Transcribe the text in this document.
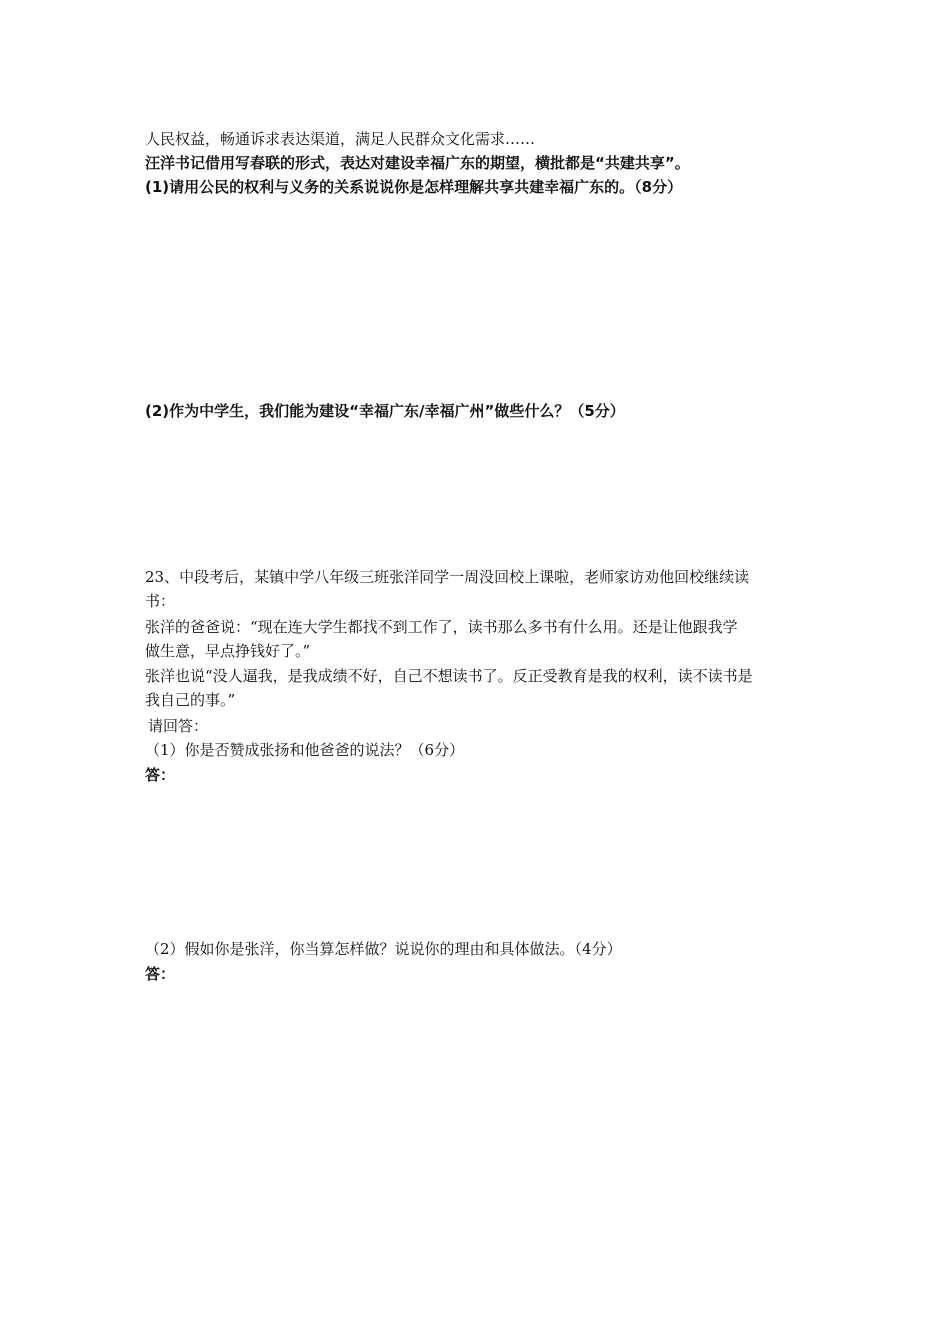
人民权益，畅通诉求表达渠道，满足人民群众文化需求……
汪洋书记借用写春联的形式，表达对建设幸福广东的期望，横批都是“共建共享”。
(1)请用公民的权利与义务的关系说说你是怎样理解共享共建幸福广东的。（8分）
(2)作为中学生，我们能为建设“幸福广东/幸福广州”做些什么？（5分）
23、中段考后，某镇中学八年级三班张洋同学一周没回校上课啦，老师家访劝他回校继续读
书：
张洋的爸爸说：“现在连大学生都找不到工作了，读书那么多书有什么用。还是让他跟我学
做生意，早点挣钱好了。”
张洋也说“没人逼我，是我成绩不好，自己不想读书了。反正受教育是我的权利，读不读书是
我自己的事。”
请回答：
（1）你是否赞成张扬和他爸爸的说法？（6分）
答：
（2）假如你是张洋，你当算怎样做？说说你的理由和具体做法。（4分）
答：
